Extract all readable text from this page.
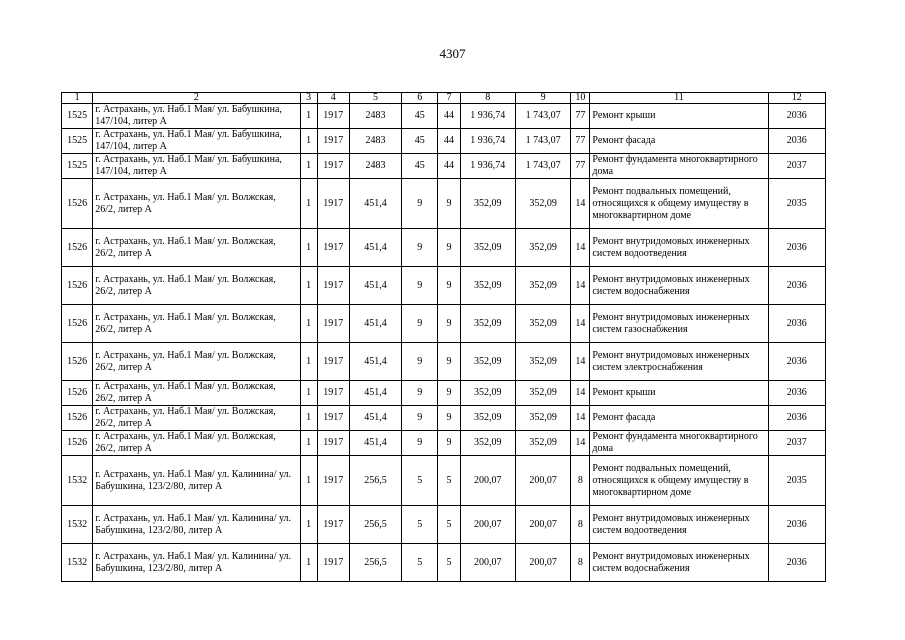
4307
1	2	3	4	5	6	7	8	9	10	11	12
1525	г. Астрахань, ул. Наб.1 Мая/ ул. Бабушкина, 147/104, литер А	1	1917	2483	45	44	1 936,74	1 743,07	77	Ремонт крыши	2036
1525	г. Астрахань, ул. Наб.1 Мая/ ул. Бабушкина, 147/104, литер А	1	1917	2483	45	44	1 936,74	1 743,07	77	Ремонт фасада	2036
1525	г. Астрахань, ул. Наб.1 Мая/ ул. Бабушкина, 147/104, литер А	1	1917	2483	45	44	1 936,74	1 743,07	77	Ремонт фундамента многоквартирного дома	2037
1526	г. Астрахань, ул. Наб.1 Мая/ ул. Волжская, 26/2, литер А	1	1917	451,4	9	9	352,09	352,09	14	Ремонт подвальных помещений, относящихся к общему имуществу в многоквартирном доме	2035
1526	г. Астрахань, ул. Наб.1 Мая/ ул. Волжская, 26/2, литер А	1	1917	451,4	9	9	352,09	352,09	14	Ремонт внутридомовых инженерных систем водоотведения	2036
1526	г. Астрахань, ул. Наб.1 Мая/ ул. Волжская, 26/2, литер А	1	1917	451,4	9	9	352,09	352,09	14	Ремонт внутридомовых инженерных систем водоснабжения	2036
1526	г. Астрахань, ул. Наб.1 Мая/ ул. Волжская, 26/2, литер А	1	1917	451,4	9	9	352,09	352,09	14	Ремонт внутридомовых инженерных систем газоснабжения	2036
1526	г. Астрахань, ул. Наб.1 Мая/ ул. Волжская, 26/2, литер А	1	1917	451,4	9	9	352,09	352,09	14	Ремонт внутридомовых инженерных систем электроснабжения	2036
1526	г. Астрахань, ул. Наб.1 Мая/ ул. Волжская, 26/2, литер А	1	1917	451,4	9	9	352,09	352,09	14	Ремонт крыши	2036
1526	г. Астрахань, ул. Наб.1 Мая/ ул. Волжская, 26/2, литер А	1	1917	451,4	9	9	352,09	352,09	14	Ремонт фасада	2036
1526	г. Астрахань, ул. Наб.1 Мая/ ул. Волжская, 26/2, литер А	1	1917	451,4	9	9	352,09	352,09	14	Ремонт фундамента многоквартирного дома	2037
1532	г. Астрахань, ул. Наб.1 Мая/ ул. Калинина/ ул. Бабушкина, 123/2/80, литер А	1	1917	256,5	5	5	200,07	200,07	8	Ремонт подвальных помещений, относящихся к общему имуществу в многоквартирном доме	2035
1532	г. Астрахань, ул. Наб.1 Мая/ ул. Калинина/ ул. Бабушкина, 123/2/80, литер А	1	1917	256,5	5	5	200,07	200,07	8	Ремонт внутридомовых инженерных систем водоотведения	2036
1532	г. Астрахань, ул. Наб.1 Мая/ ул. Калинина/ ул. Бабушкина, 123/2/80, литер А	1	1917	256,5	5	5	200,07	200,07	8	Ремонт внутридомовых инженерных систем водоснабжения	2036
